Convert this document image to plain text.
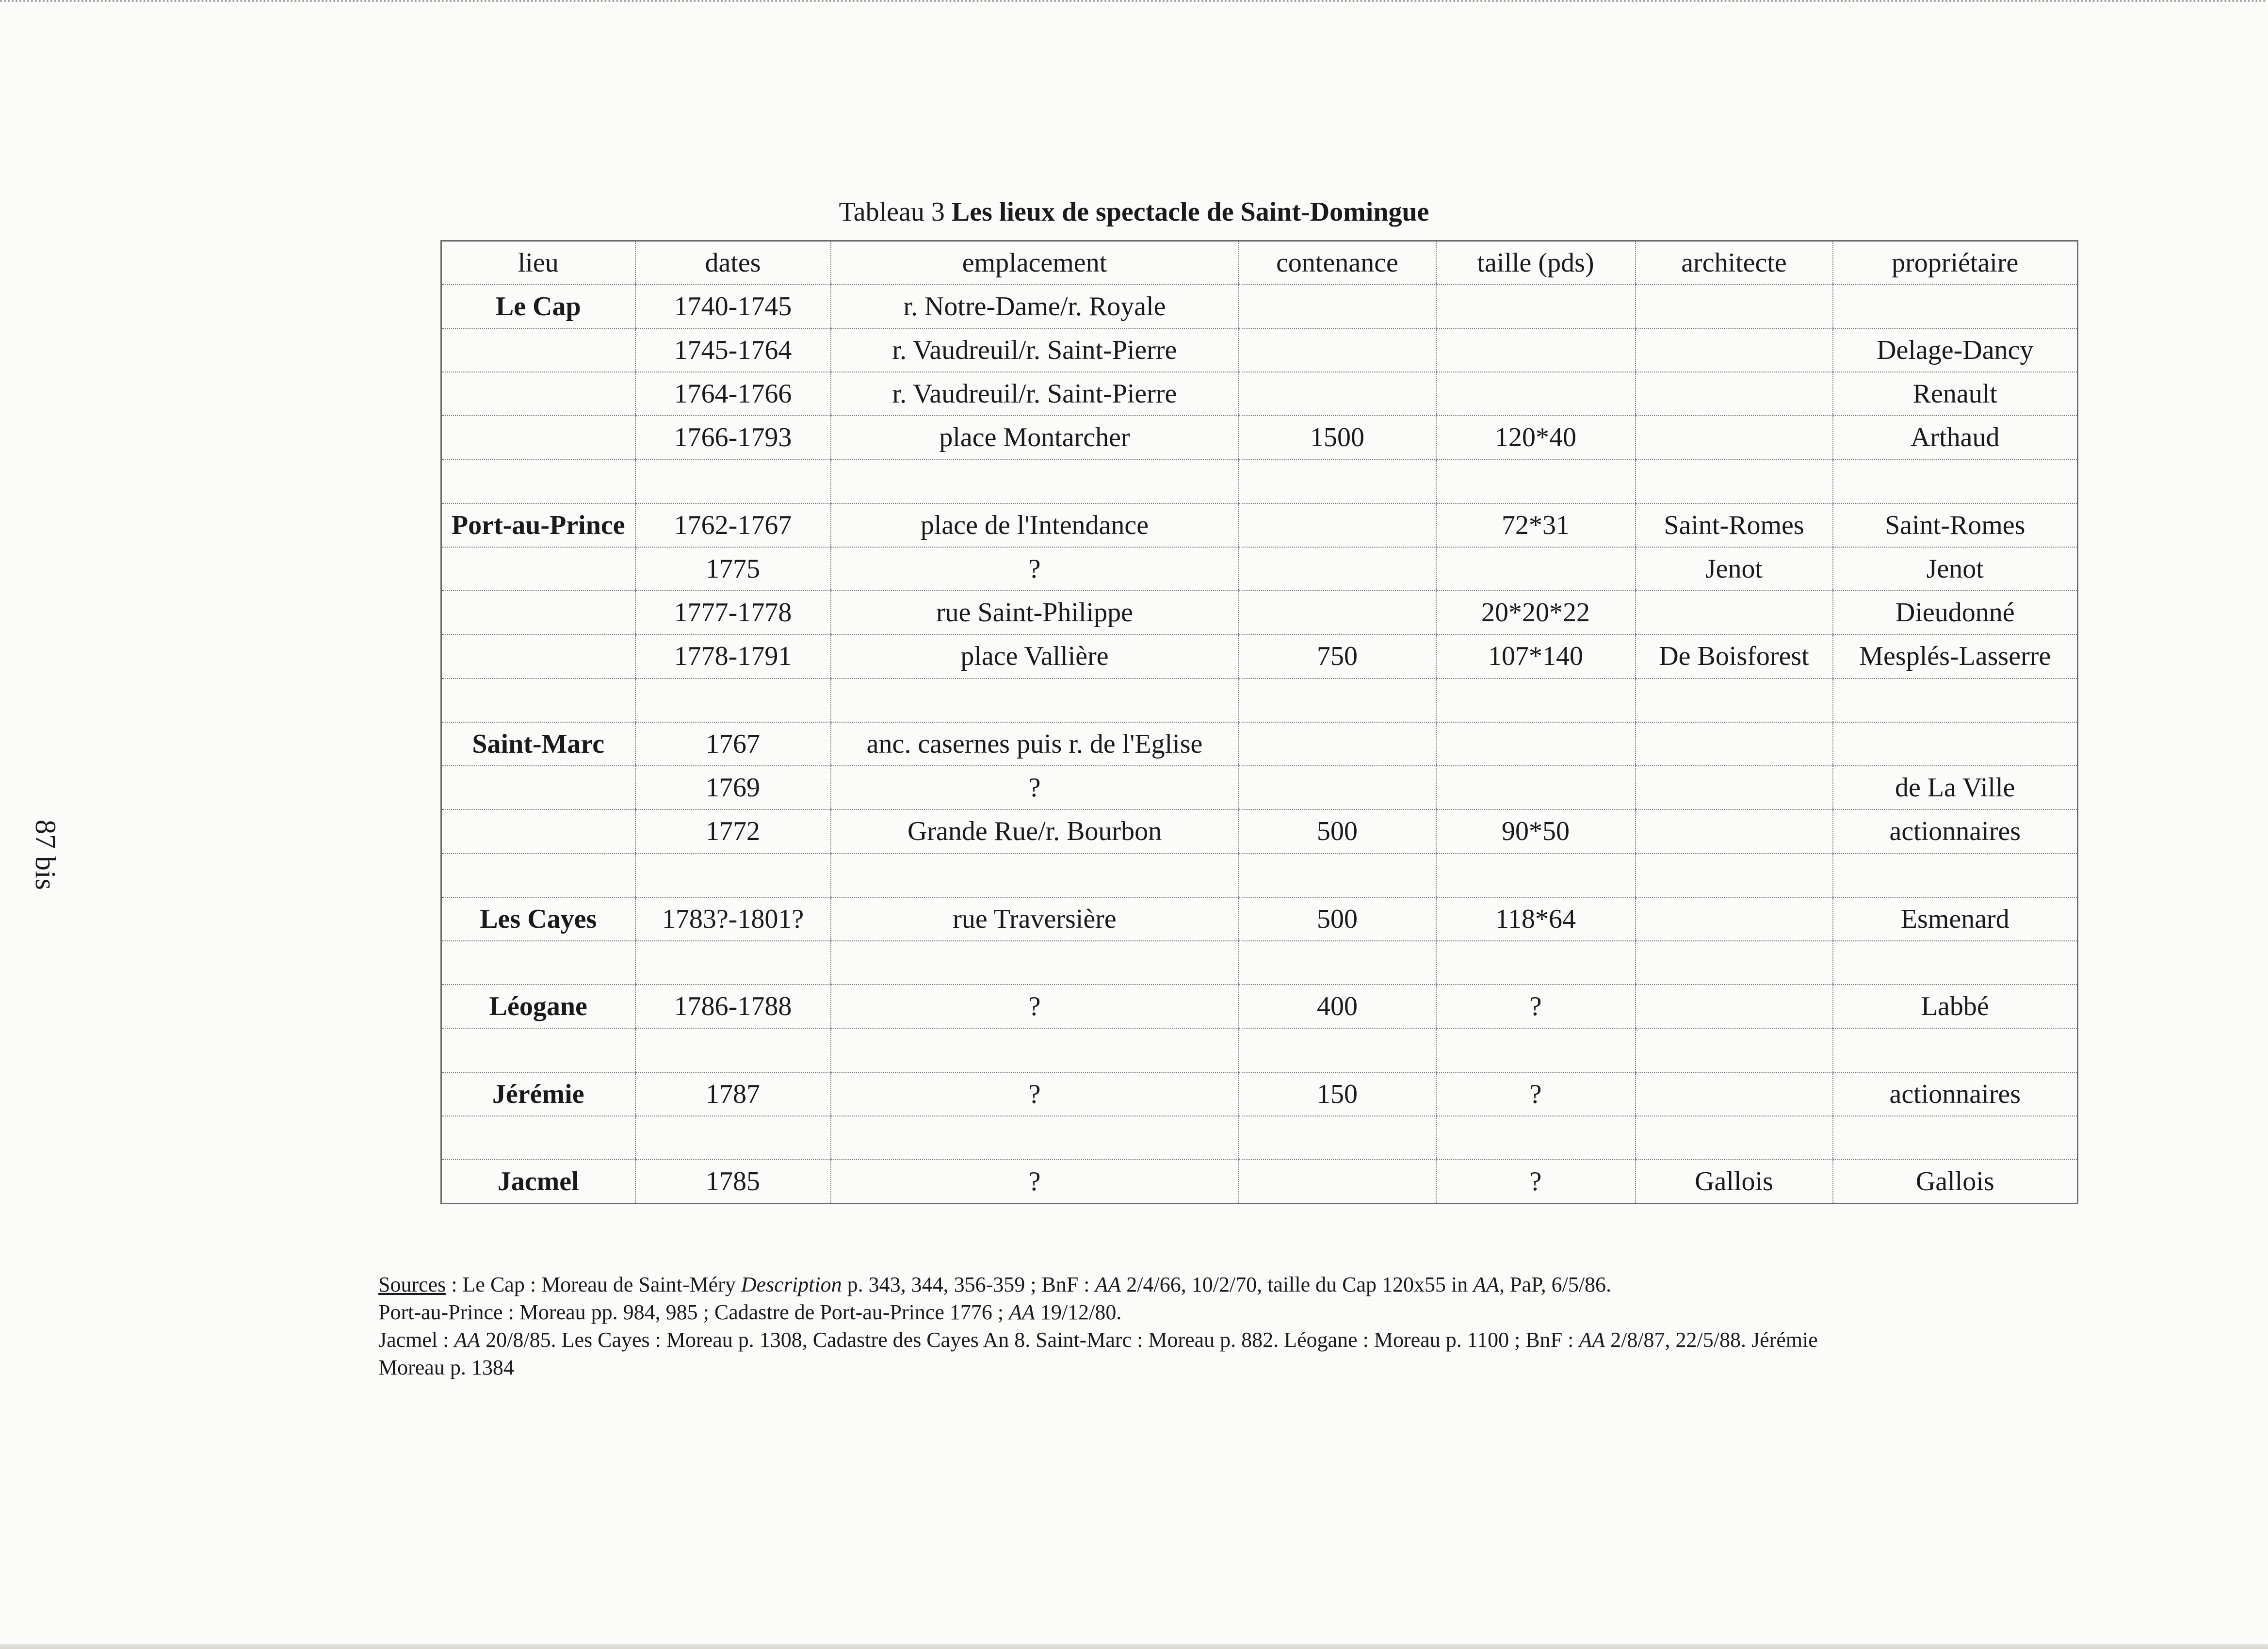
87 bis
Tableau 3 Les lieux de spectacle de Saint-Domingue
lieu	dates	emplacement	contenance	taille (pds)	architecte	propriétaire
Le Cap	1740-1745	r. Notre-Dame/r. Royale				
	1745-1764	r. Vaudreuil/r. Saint-Pierre				Delage-Dancy
	1764-1766	r. Vaudreuil/r. Saint-Pierre				Renault
	1766-1793	place Montarcher	1500	120*40		Arthaud

Port-au-Prince	1762-1767	place de l'Intendance		72*31	Saint-Romes	Saint-Romes
	1775	?			Jenot	Jenot
	1777-1778	rue Saint-Philippe		20*20*22		Dieudonné
	1778-1791	place Vallière	750	107*140	De Boisforest	Mesplés-Lasserre

Saint-Marc	1767	anc. casernes puis r. de l'Eglise				
	1769	?				de La Ville
	1772	Grande Rue/r. Bourbon	500	90*50		actionnaires

Les Cayes	1783?-1801?	rue Traversière	500	118*64		Esmenard

Léogane	1786-1788	?	400	?		Labbé

Jérémie	1787	?	150	?		actionnaires

Jacmel	1785	?		?	Gallois	Gallois
Sources : Le Cap : Moreau de Saint-Méry Description p. 343, 344, 356-359 ; BnF : AA 2/4/66, 10/2/70, taille du Cap 120x55 in AA, PaP, 6/5/86.
Port-au-Prince : Moreau pp. 984, 985 ; Cadastre de Port-au-Prince 1776 ; AA 19/12/80.
Jacmel : AA 20/8/85. Les Cayes : Moreau p. 1308, Cadastre des Cayes An 8. Saint-Marc : Moreau p. 882. Léogane : Moreau p. 1100 ; BnF : AA 2/8/87, 22/5/88. Jérémie
Moreau p. 1384
